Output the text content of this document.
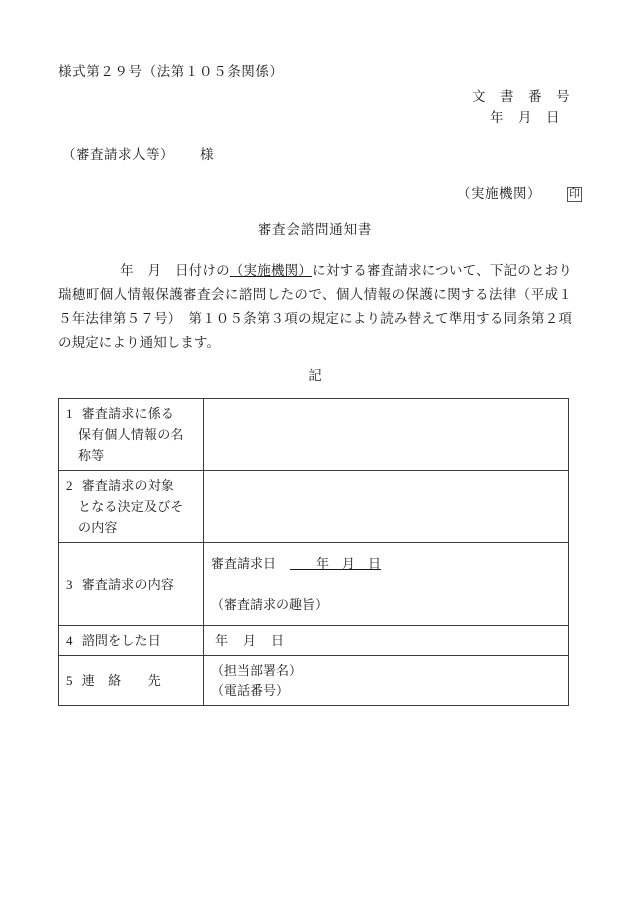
様式第２９号（法第１０５条関係）
文　書　番　号
年　月　日
（審査請求人等） 様
（実施機関）	印
審査会諮問通知書
年　月　日付けの（実施機関）に対する審査請求について、下記のとおり瑞穂町個人情報保護審査会に諮問したので、個人情報の保護に関する法律（平成１５年法律第５７号）　第１０５条第３項の規定により読み替えて準用する同条第２項の規定により通知します。
記
1 審査請求に係る
保有個人情報の名
称等	

2 審査請求の対象
となる決定及びそ
の内容	

3 審査請求の内容	審査請求日　　年　月　日
（審査請求の趣旨）

4 諮問をした日	年　月　日
5 連　絡　　先	（担当部署名）
（電話番号）
